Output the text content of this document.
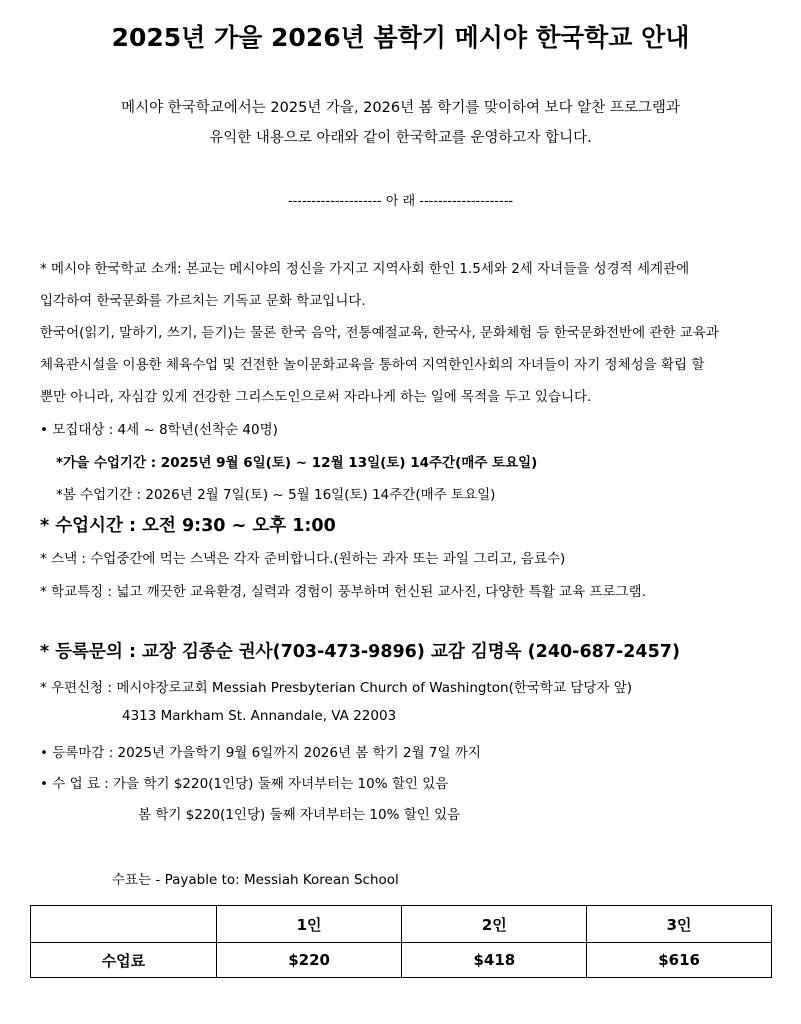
2025년 가을 2026년 봄학기 메시야 한국학교 안내
메시야 한국학교에서는 2025년 가을, 2026년 봄 학기를 맞이하여 보다 알찬 프로그램과
유익한 내용으로 아래와 같이 한국학교를 운영하고자 합니다.
-------------------- 아 래 --------------------
* 메시야 한국학교 소개: 본교는 메시야의 정신을 가지고 지역사회 한인 1.5세와 2세 자녀들을 성경적 세계관에
입각하여 한국문화를 가르치는 기독교 문화 학교입니다.
한국어(읽기, 말하기, 쓰기, 듣기)는 물론 한국 음악, 전통예절교육, 한국사, 문화체험 등 한국문화전반에 관한 교육과
체육관시설을 이용한 체육수업 및 건전한 놀이문화교육을 통하여 지역한인사회의 자녀들이 자기 정체성을 확립 할
뿐만 아니라, 자심감 있게 건강한 그리스도인으로써 자라나게 하는 일에 목적을 두고 있습니다.
• 모집대상 : 4세 ~ 8학년(선착순 40명)
*가을 수업기간 : 2025년 9월 6일(토) ~ 12월 13일(토) 14주간(매주 토요일)
*봄 수업기간 : 2026년 2월 7일(토) ~ 5월 16일(토) 14주간(매주 토요일)
* 수업시간 : 오전 9:30 ~ 오후 1:00
* 스낵 : 수업중간에 먹는 스낵은 각자 준비합니다.(원하는 과자 또는 과일 그리고, 음료수)
* 학교특징 : 넓고 깨끗한 교육환경, 실력과 경험이 풍부하며 헌신된 교사진, 다양한 특활 교육 프로그램.
* 등록문의 : 교장 김종순 권사(703-473-9896) 교감 김명옥 (240-687-2457)
* 우편신청 : 메시야장로교회 Messiah Presbyterian Church of Washington(한국학교 담당자 앞)
4313 Markham St. Annandale, VA 22003
• 등록마감 : 2025년 가을학기 9월 6일까지 2026년 봄 학기 2월 7일 까지
• 수 업 료 : 가을 학기 $220(1인당) 둘째 자녀부터는 10% 할인 있음
봄 학기 $220(1인당) 둘째 자녀부터는 10% 할인 있음
수표는 - Payable to: Messiah Korean School
	1인	2인	3인
수업료	$220	$418	$616
